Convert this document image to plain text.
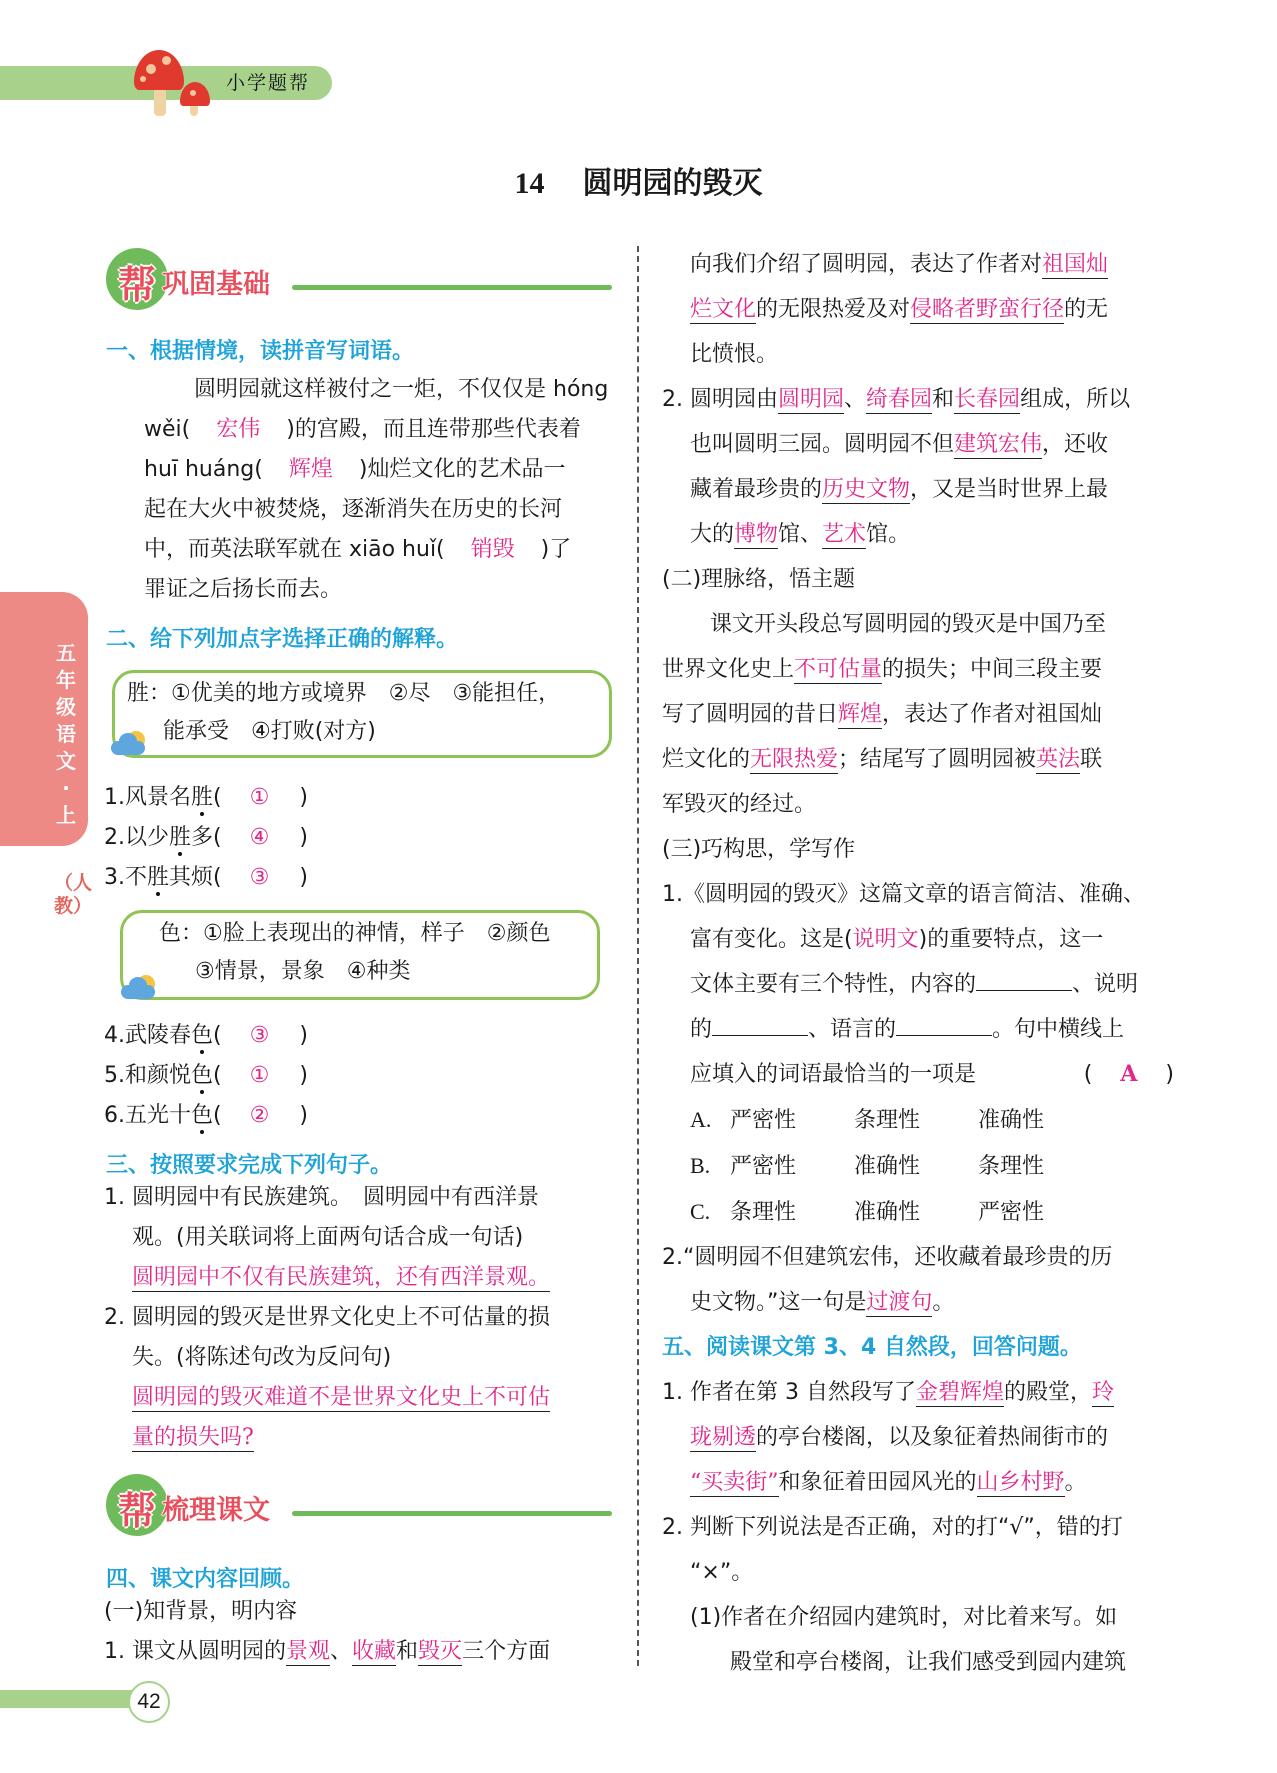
小学题帮
14 圆明园的毁灭
五年级语文·上
（人教）
帮 巩固基础
一、根据情境，读拼音写词语。
圆明园就这样被付之一炬，不仅仅是 hóng
wěi( 宏伟 )的宫殿，而且连带那些代表着
huī huáng( 辉煌 )灿烂文化的艺术品一
起在大火中被焚烧，逐渐消失在历史的长河
中，而英法联军就在 xiāo huǐ( 销毁 )了
罪证之后扬长而去。
二、给下列加点字选择正确的解释。
胜：①优美的地方或境界　②尽　③能担任，
能承受　④打败(对方)
1.风景名胜( ① )
2.以少胜多( ④ )
3.不胜其烦( ③ )
色：①脸上表现出的神情，样子　②颜色
③情景，景象　④种类
4.武陵春色( ③ )
5.和颜悦色( ① )
6.五光十色( ② )
三、按照要求完成下列句子。
1. 圆明园中有民族建筑。　圆明园中有西洋景
观。(用关联词将上面两句话合成一句话)
圆明园中不仅有民族建筑，还有西洋景观。
2. 圆明园的毁灭是世界文化史上不可估量的损
失。(将陈述句改为反问句)
圆明园的毁灭难道不是世界文化史上不可估
量的损失吗?
帮 梳理课文
四、课文内容回顾。
(一)知背景，明内容
1. 课文从圆明园的景观、收藏和毁灭三个方面
向我们介绍了圆明园，表达了作者对祖国灿
烂文化的无限热爱及对侵略者野蛮行径的无
比愤恨。
2. 圆明园由圆明园、绮春园和长春园组成，所以
也叫圆明三园。圆明园不但建筑宏伟，还收
藏着最珍贵的历史文物，又是当时世界上最
大的博物馆、艺术馆。
(二)理脉络，悟主题
课文开头段总写圆明园的毁灭是中国乃至
世界文化史上不可估量的损失；中间三段主要
写了圆明园的昔日辉煌，表达了作者对祖国灿
烂文化的无限热爱；结尾写了圆明园被英法联
军毁灭的经过。
(三)巧构思，学写作
1.《圆明园的毁灭》这篇文章的语言简洁、准确、
富有变化。这是(说明文)的重要特点，这一
文体主要有三个特性，内容的	、说明
的	、语言的	。句中横线上
应填入的词语最恰当的一项是	(    A    )
A. 严密性	条理性	准确性
B. 严密性	准确性	条理性
C. 条理性	准确性	严密性
2.“圆明园不但建筑宏伟，还收藏着最珍贵的历
史文物。”这一句是过渡句。
五、阅读课文第 3、4 自然段，回答问题。
1. 作者在第 3 自然段写了金碧辉煌的殿堂，玲
珑剔透的亭台楼阁，以及象征着热闹街市的
“买卖街”和象征着田园风光的山乡村野。
2. 判断下列说法是否正确，对的打“√”，错的打
“×”。
(1)作者在介绍园内建筑时，对比着来写。如
殿堂和亭台楼阁，让我们感受到园内建筑
42
